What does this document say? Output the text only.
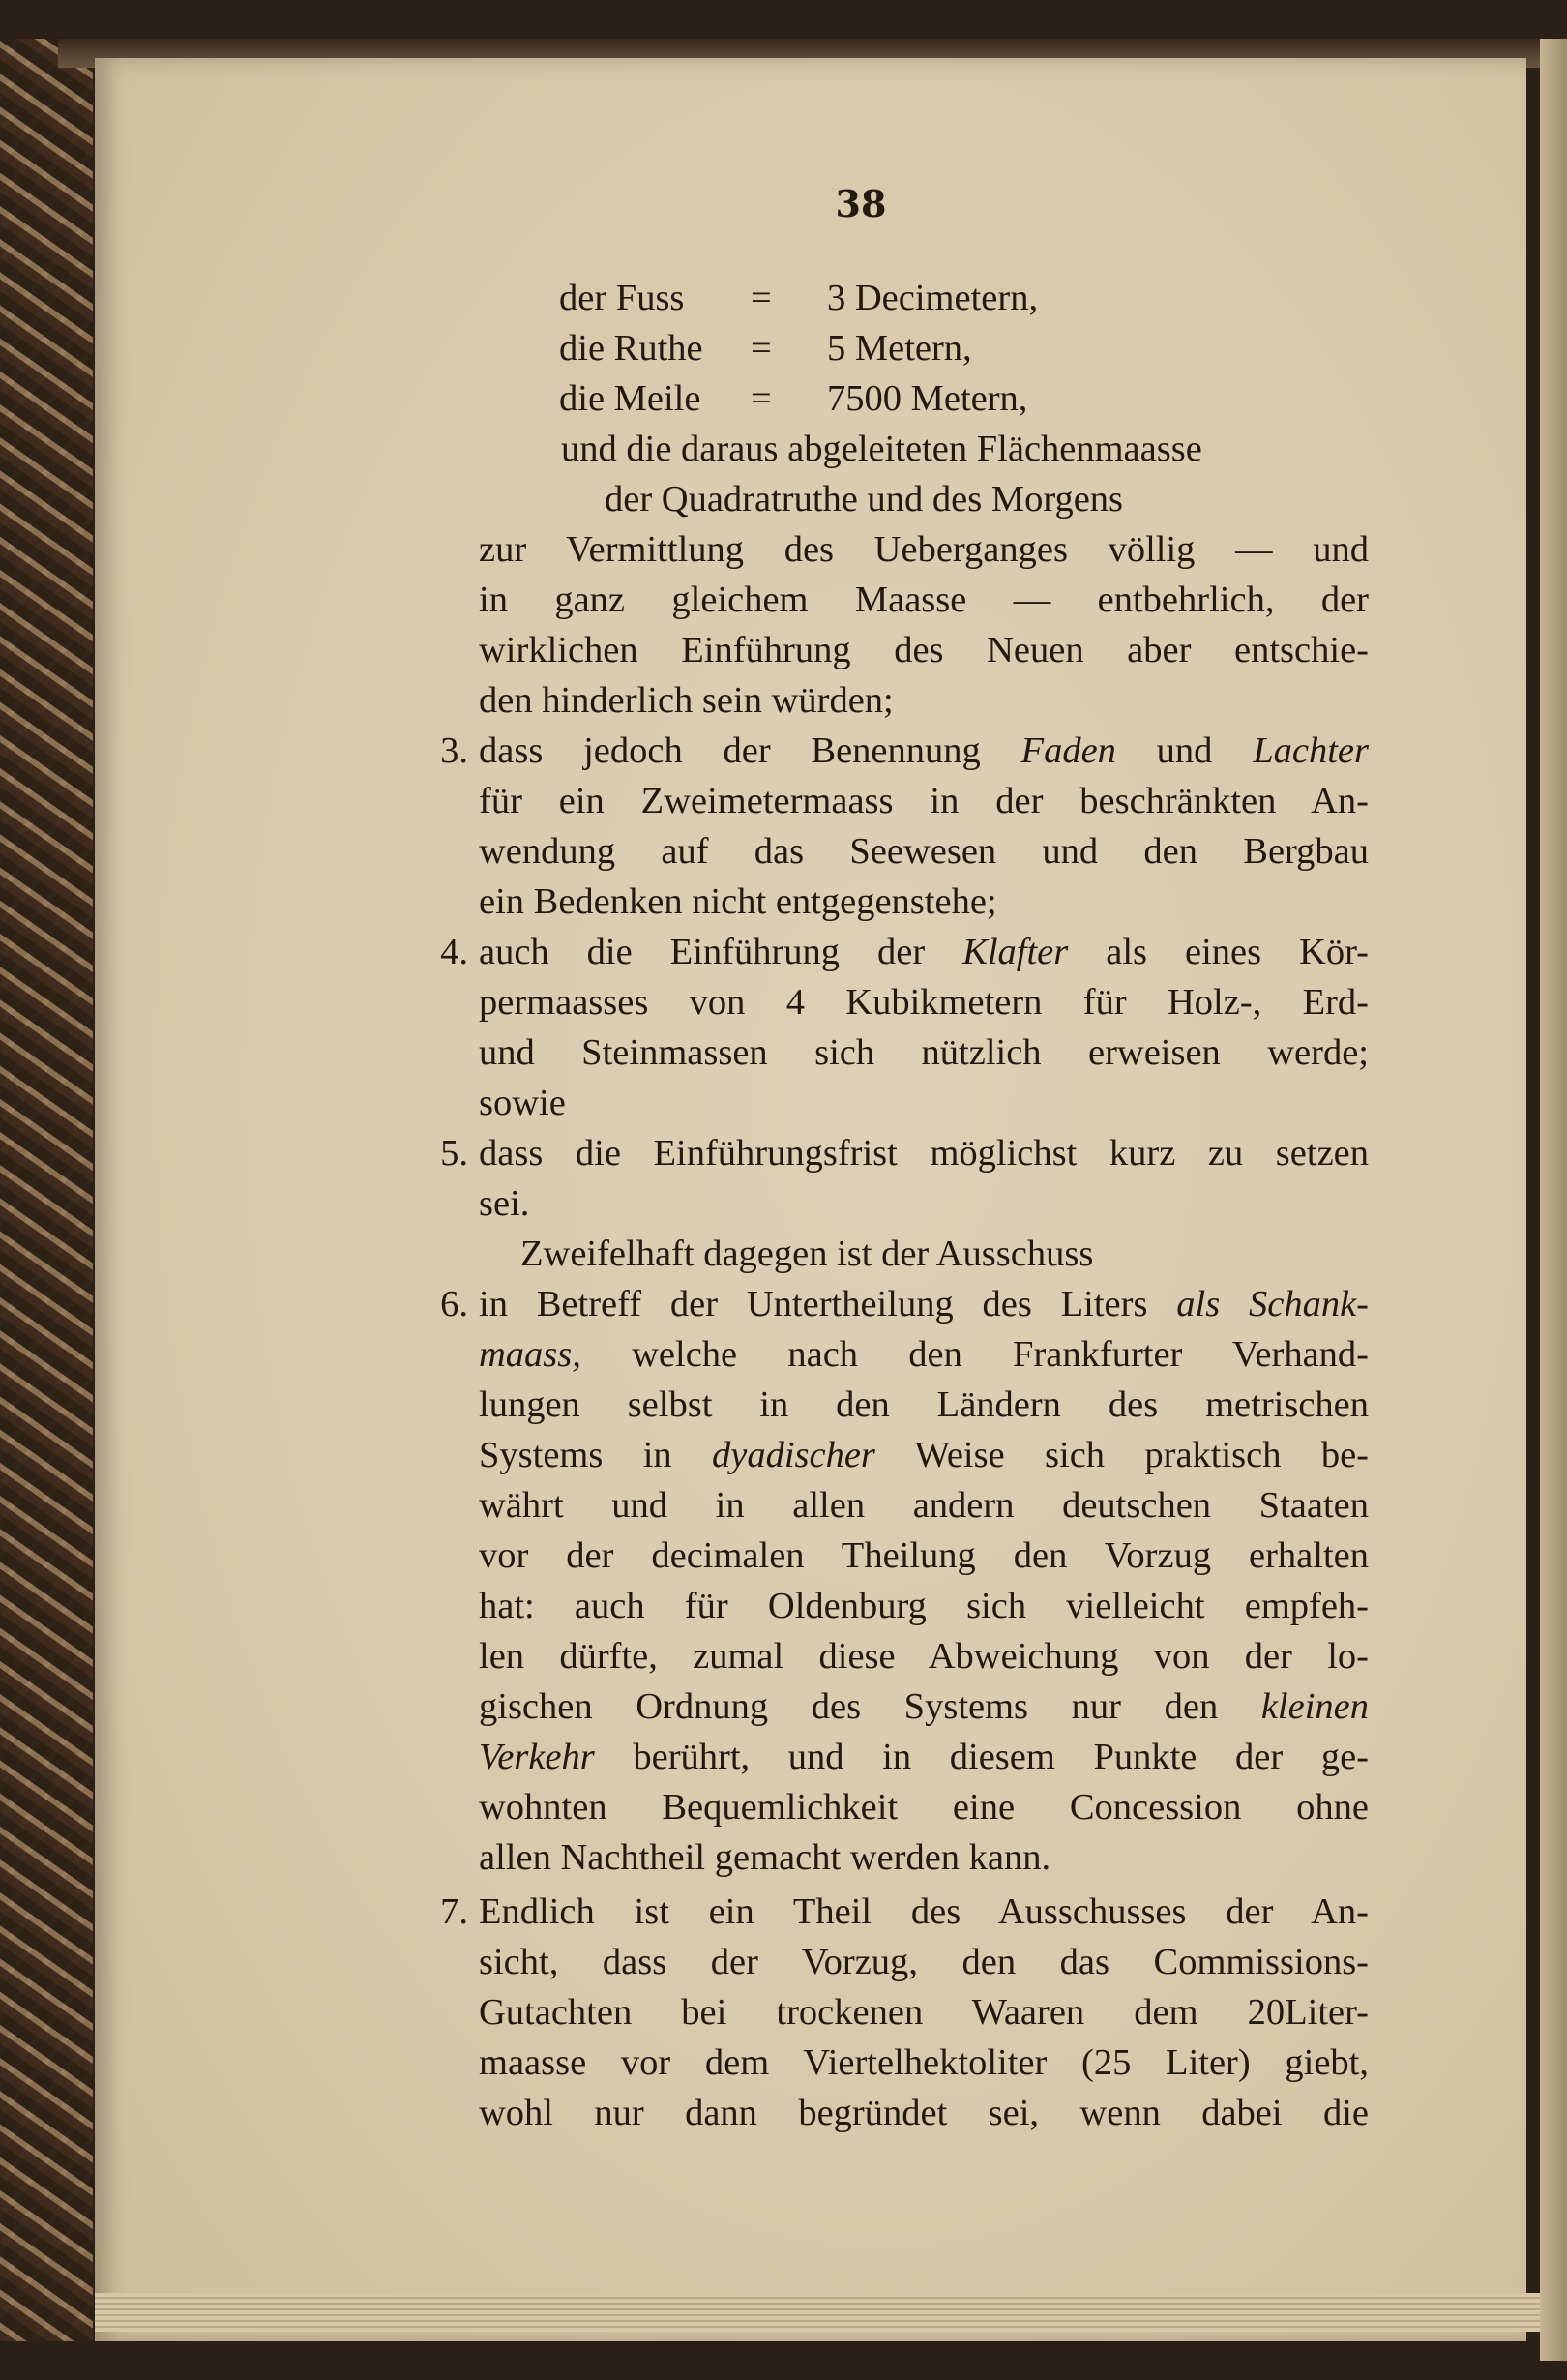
38
der Fuss = 3 Decimetern,
die Ruthe = 5 Metern,
die Meile = 7500 Metern,
und die daraus abgeleiteten Flächenmaasse
der Quadratruthe und des Morgens
zur Vermittlung des Ueberganges völlig — und
in ganz gleichem Maasse — entbehrlich, der
wirklichen Einführung des Neuen aber entschie-
den hinderlich sein würden;
3. dass jedoch der Benennung Faden und Lachter
für ein Zweimetermaass in der beschränkten An-
wendung auf das Seewesen und den Bergbau
ein Bedenken nicht entgegenstehe;
4. auch die Einführung der Klafter als eines Kör-
permaasses von 4 Kubikmetern für Holz-, Erd-
und Steinmassen sich nützlich erweisen werde;
sowie
5. dass die Einführungsfrist möglichst kurz zu setzen
sei.
Zweifelhaft dagegen ist der Ausschuss
6. in Betreff der Untertheilung des Liters als Schank-
maass, welche nach den Frankfurter Verhand-
lungen selbst in den Ländern des metrischen
Systems in dyadischer Weise sich praktisch be-
währt und in allen andern deutschen Staaten
vor der decimalen Theilung den Vorzug erhalten
hat: auch für Oldenburg sich vielleicht empfeh-
len dürfte, zumal diese Abweichung von der lo-
gischen Ordnung des Systems nur den kleinen
Verkehr berührt, und in diesem Punkte der ge-
wohnten Bequemlichkeit eine Concession ohne
allen Nachtheil gemacht werden kann.
7. Endlich ist ein Theil des Ausschusses der An-
sicht, dass der Vorzug, den das Commissions-
Gutachten bei trockenen Waaren dem 20Liter-
maasse vor dem Viertelhektoliter (25 Liter) giebt,
wohl nur dann begründet sei, wenn dabei die
